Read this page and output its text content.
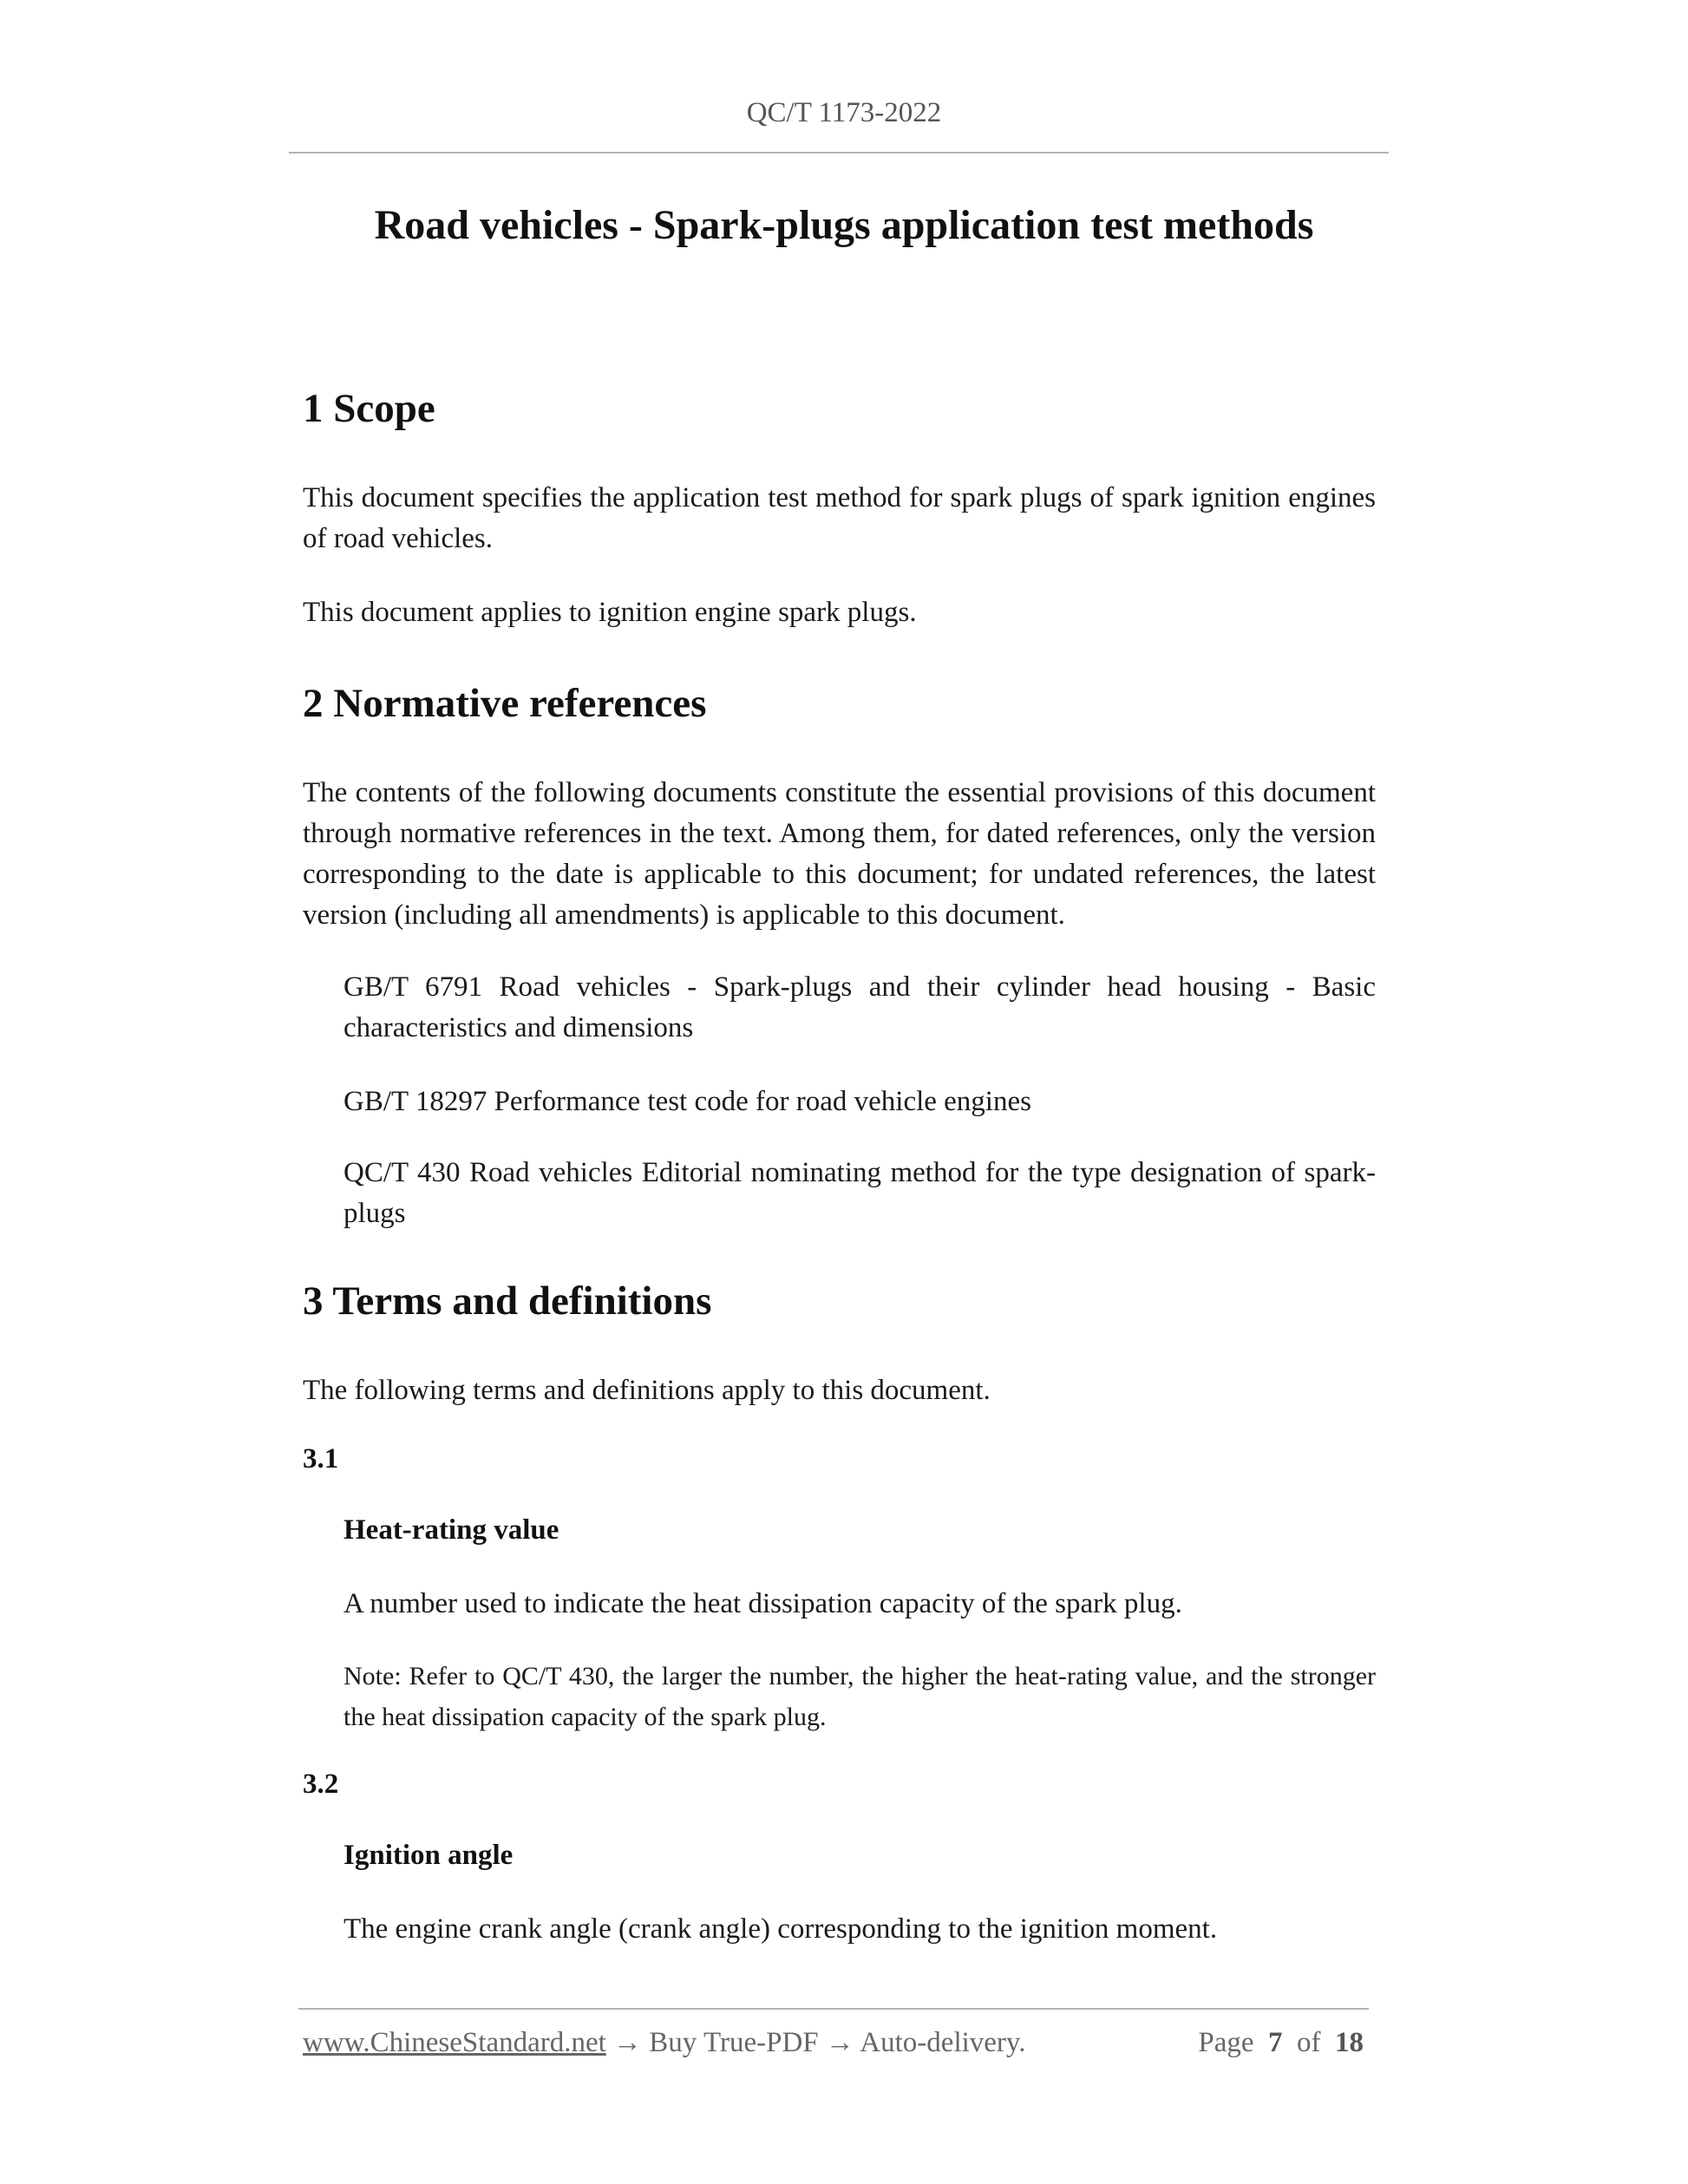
QC/T 1173-2022
Road vehicles - Spark-plugs application test methods
1 Scope
This document specifies the application test method for spark plugs of spark ignition engines of road vehicles.
This document applies to ignition engine spark plugs.
2 Normative references
The contents of the following documents constitute the essential provisions of this document through normative references in the text. Among them, for dated references, only the version corresponding to the date is applicable to this document; for undated references, the latest version (including all amendments) is applicable to this document.
GB/T 6791 Road vehicles - Spark-plugs and their cylinder head housing - Basic characteristics and dimensions
GB/T 18297 Performance test code for road vehicle engines
QC/T 430 Road vehicles Editorial nominating method for the type designation of spark-plugs
3 Terms and definitions
The following terms and definitions apply to this document.
3.1
Heat-rating value
A number used to indicate the heat dissipation capacity of the spark plug.
Note: Refer to QC/T 430, the larger the number, the higher the heat-rating value, and the stronger the heat dissipation capacity of the spark plug.
3.2
Ignition angle
The engine crank angle (crank angle) corresponding to the ignition moment.
www.ChineseStandard.net → Buy True-PDF → Auto-delivery.	Page 7 of 18
